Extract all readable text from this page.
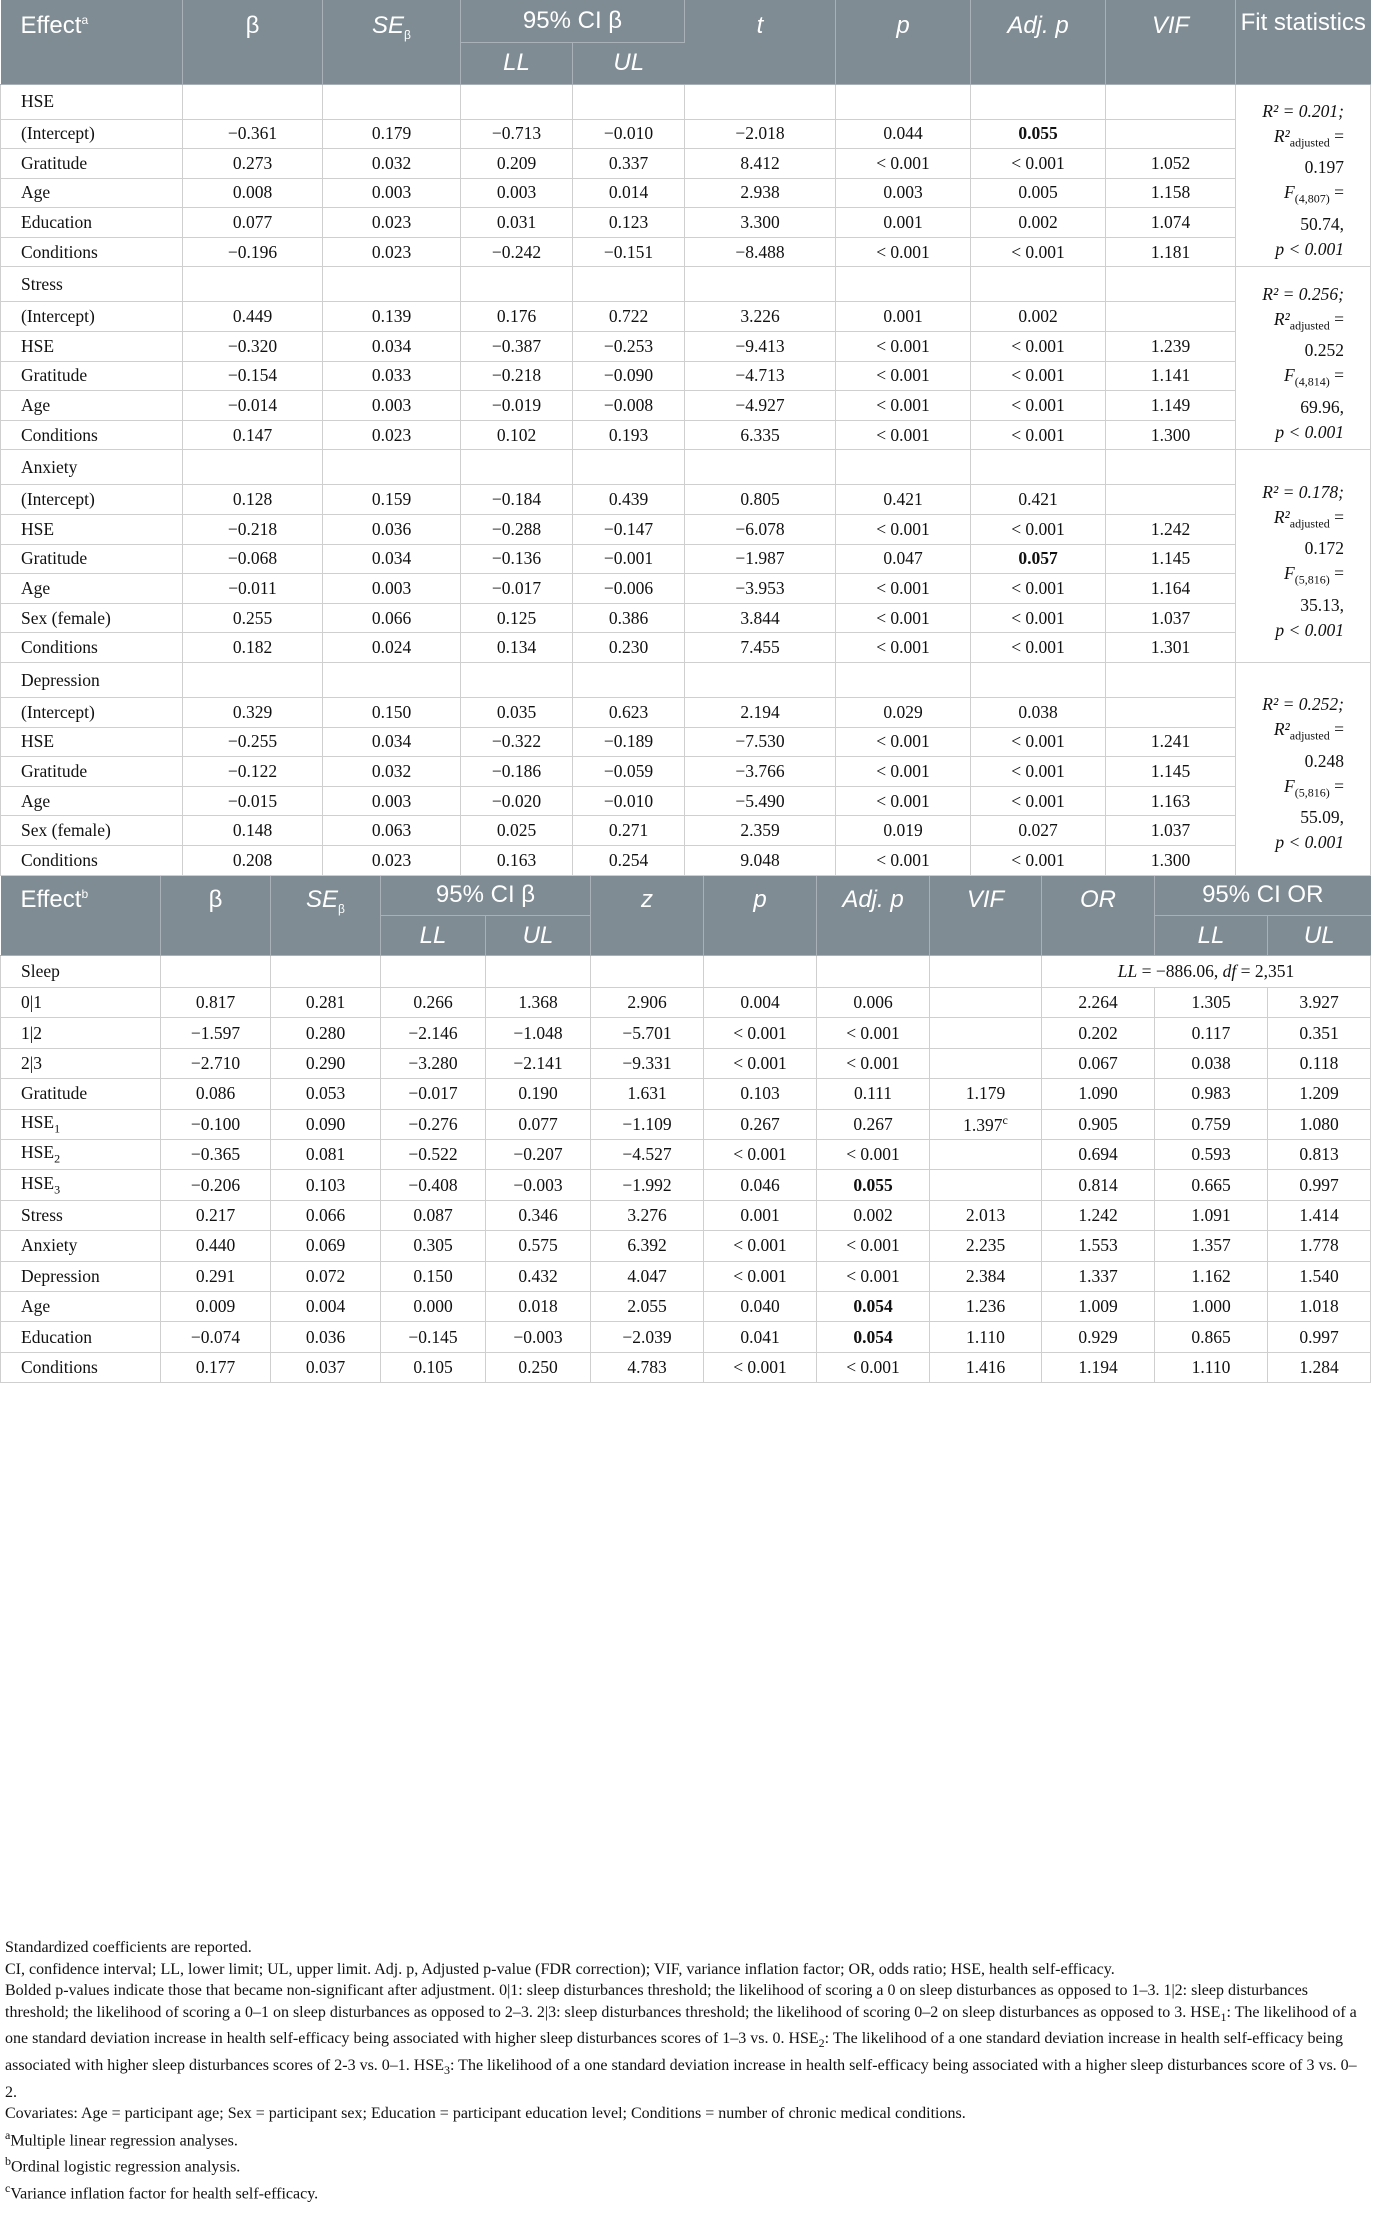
Effect$^a$	β	$SE_\beta$	95% CI β		t	p	Adj. p	VIF	Fit statistics
			LL	UL					
HSE									R² = 0.201;
$R^2_{adjusted} = 0.197$
$F_{(4,807)} = 50.74$,
p < 0.001

(Intercept)	−0.361	0.179	−0.713	−0.010	−2.018	0.044	0.055		
Gratitude	0.273	0.032	0.209	0.337	8.412	< 0.001	< 0.001	1.052	
Age	0.008	0.003	0.003	0.014	2.938	0.003	0.005	1.158	
Education	0.077	0.023	0.031	0.123	3.300	0.001	0.002	1.074	
Conditions	−0.196	0.023	−0.242	−0.151	−8.488	< 0.001	< 0.001	1.181	
Stress									R² = 0.256;
$R^2_{adjusted} = 0.252$
$F_{(4,814)} = 69.96$,
p < 0.001

(Intercept)	0.449	0.139	0.176	0.722	3.226	0.001	0.002		
HSE	−0.320	0.034	−0.387	−0.253	−9.413	< 0.001	< 0.001	1.239	
Gratitude	−0.154	0.033	−0.218	−0.090	−4.713	< 0.001	< 0.001	1.141	
Age	−0.014	0.003	−0.019	−0.008	−4.927	< 0.001	< 0.001	1.149	
Conditions	0.147	0.023	0.102	0.193	6.335	< 0.001	< 0.001	1.300	
Anxiety									R² = 0.178;
$R^2_{adjusted} = 0.172$
$F_{(5,816)} = 35.13$,
p < 0.001

(Intercept)	0.128	0.159	−0.184	0.439	0.805	0.421	0.421		
HSE	−0.218	0.036	−0.288	−0.147	−6.078	< 0.001	< 0.001	1.242	
Gratitude	−0.068	0.034	−0.136	−0.001	−1.987	0.047	0.057	1.145	
Age	−0.011	0.003	−0.017	−0.006	−3.953	< 0.001	< 0.001	1.164	
Sex (female)	0.255	0.066	0.125	0.386	3.844	< 0.001	< 0.001	1.037	
Conditions	0.182	0.024	0.134	0.230	7.455	< 0.001	< 0.001	1.301	
Depression									R² = 0.252;
$R^2_{adjusted} = 0.248$
$F_{(5,816)} = 55.09$,
p < 0.001

(Intercept)	0.329	0.150	0.035	0.623	2.194	0.029	0.038		
HSE	−0.255	0.034	−0.322	−0.189	−7.530	< 0.001	< 0.001	1.241	
Gratitude	−0.122	0.032	−0.186	−0.059	−3.766	< 0.001	< 0.001	1.145	
Age	−0.015	0.003	−0.020	−0.010	−5.490	< 0.001	< 0.001	1.163	
Sex (female)	0.148	0.063	0.025	0.271	2.359	0.019	0.027	1.037	
Conditions	0.208	0.023	0.163	0.254	9.048	< 0.001	< 0.001	1.300	
Effect$^b$	β	$SE_\beta$	95% CI β		z	p	Adj. p	VIF	OR	95% CI OR	
			LL	UL						LL	UL
Sleep									LL = −886.06, df = 2,351		
0|1	0.817	0.281	0.266	1.368	2.906	0.004	0.006		2.264	1.305	3.927
1|2	−1.597	0.280	−2.146	−1.048	−5.701	< 0.001	< 0.001		0.202	0.117	0.351
2|3	−2.710	0.290	−3.280	−2.141	−9.331	< 0.001	< 0.001		0.067	0.038	0.118
Gratitude	0.086	0.053	−0.017	0.190	1.631	0.103	0.111	1.179	1.090	0.983	1.209
$HSE_1$	−0.100	0.090	−0.276	0.077	−1.109	0.267	0.267	1.397$^c$	0.905	0.759	1.080
$HSE_2$	−0.365	0.081	−0.522	−0.207	−4.527	< 0.001	< 0.001		0.694	0.593	0.813
$HSE_3$	−0.206	0.103	−0.408	−0.003	−1.992	0.046	0.055		0.814	0.665	0.997
Stress	0.217	0.066	0.087	0.346	3.276	0.001	0.002	2.013	1.242	1.091	1.414
Anxiety	0.440	0.069	0.305	0.575	6.392	< 0.001	< 0.001	2.235	1.553	1.357	1.778
Depression	0.291	0.072	0.150	0.432	4.047	< 0.001	< 0.001	2.384	1.337	1.162	1.540
Age	0.009	0.004	0.000	0.018	2.055	0.040	0.054	1.236	1.009	1.000	1.018
Education	−0.074	0.036	−0.145	−0.003	−2.039	0.041	0.054	1.110	0.929	0.865	0.997
Conditions	0.177	0.037	0.105	0.250	4.783	< 0.001	< 0.001	1.416	1.194	1.110	1.284
Standardized coefficients are reported.
CI, confidence interval; LL, lower limit; UL, upper limit. Adj. p, Adjusted p-value (FDR correction); VIF, variance inflation factor; OR, odds ratio; HSE, health self-efficacy.
Bolded p-values indicate those that became non-significant after adjustment. 0|1: sleep disturbances threshold; the likelihood of scoring a 0 on sleep disturbances as opposed to 1–3. 1|2: sleep disturbances threshold; the likelihood of scoring a 0–1 on sleep disturbances as opposed to 2–3. 2|3: sleep disturbances threshold; the likelihood of scoring 0–2 on sleep disturbances as opposed to 3. $HSE_1$: The likelihood of a one standard deviation increase in health self-efficacy being associated with higher sleep disturbances scores of 1–3 vs. 0. $HSE_2$: The likelihood of a one standard deviation increase in health self-efficacy being associated with higher sleep disturbances scores of 2-3 vs. 0–1. $HSE_3$: The likelihood of a one standard deviation increase in health self-efficacy being associated with a higher sleep disturbances score of 3 vs. 0–2.
Covariates: Age = participant age; Sex = participant sex; Education = participant education level; Conditions = number of chronic medical conditions.
$^a$Multiple linear regression analyses.
$^b$Ordinal logistic regression analysis.
$^c$Variance inflation factor for health self-efficacy.
